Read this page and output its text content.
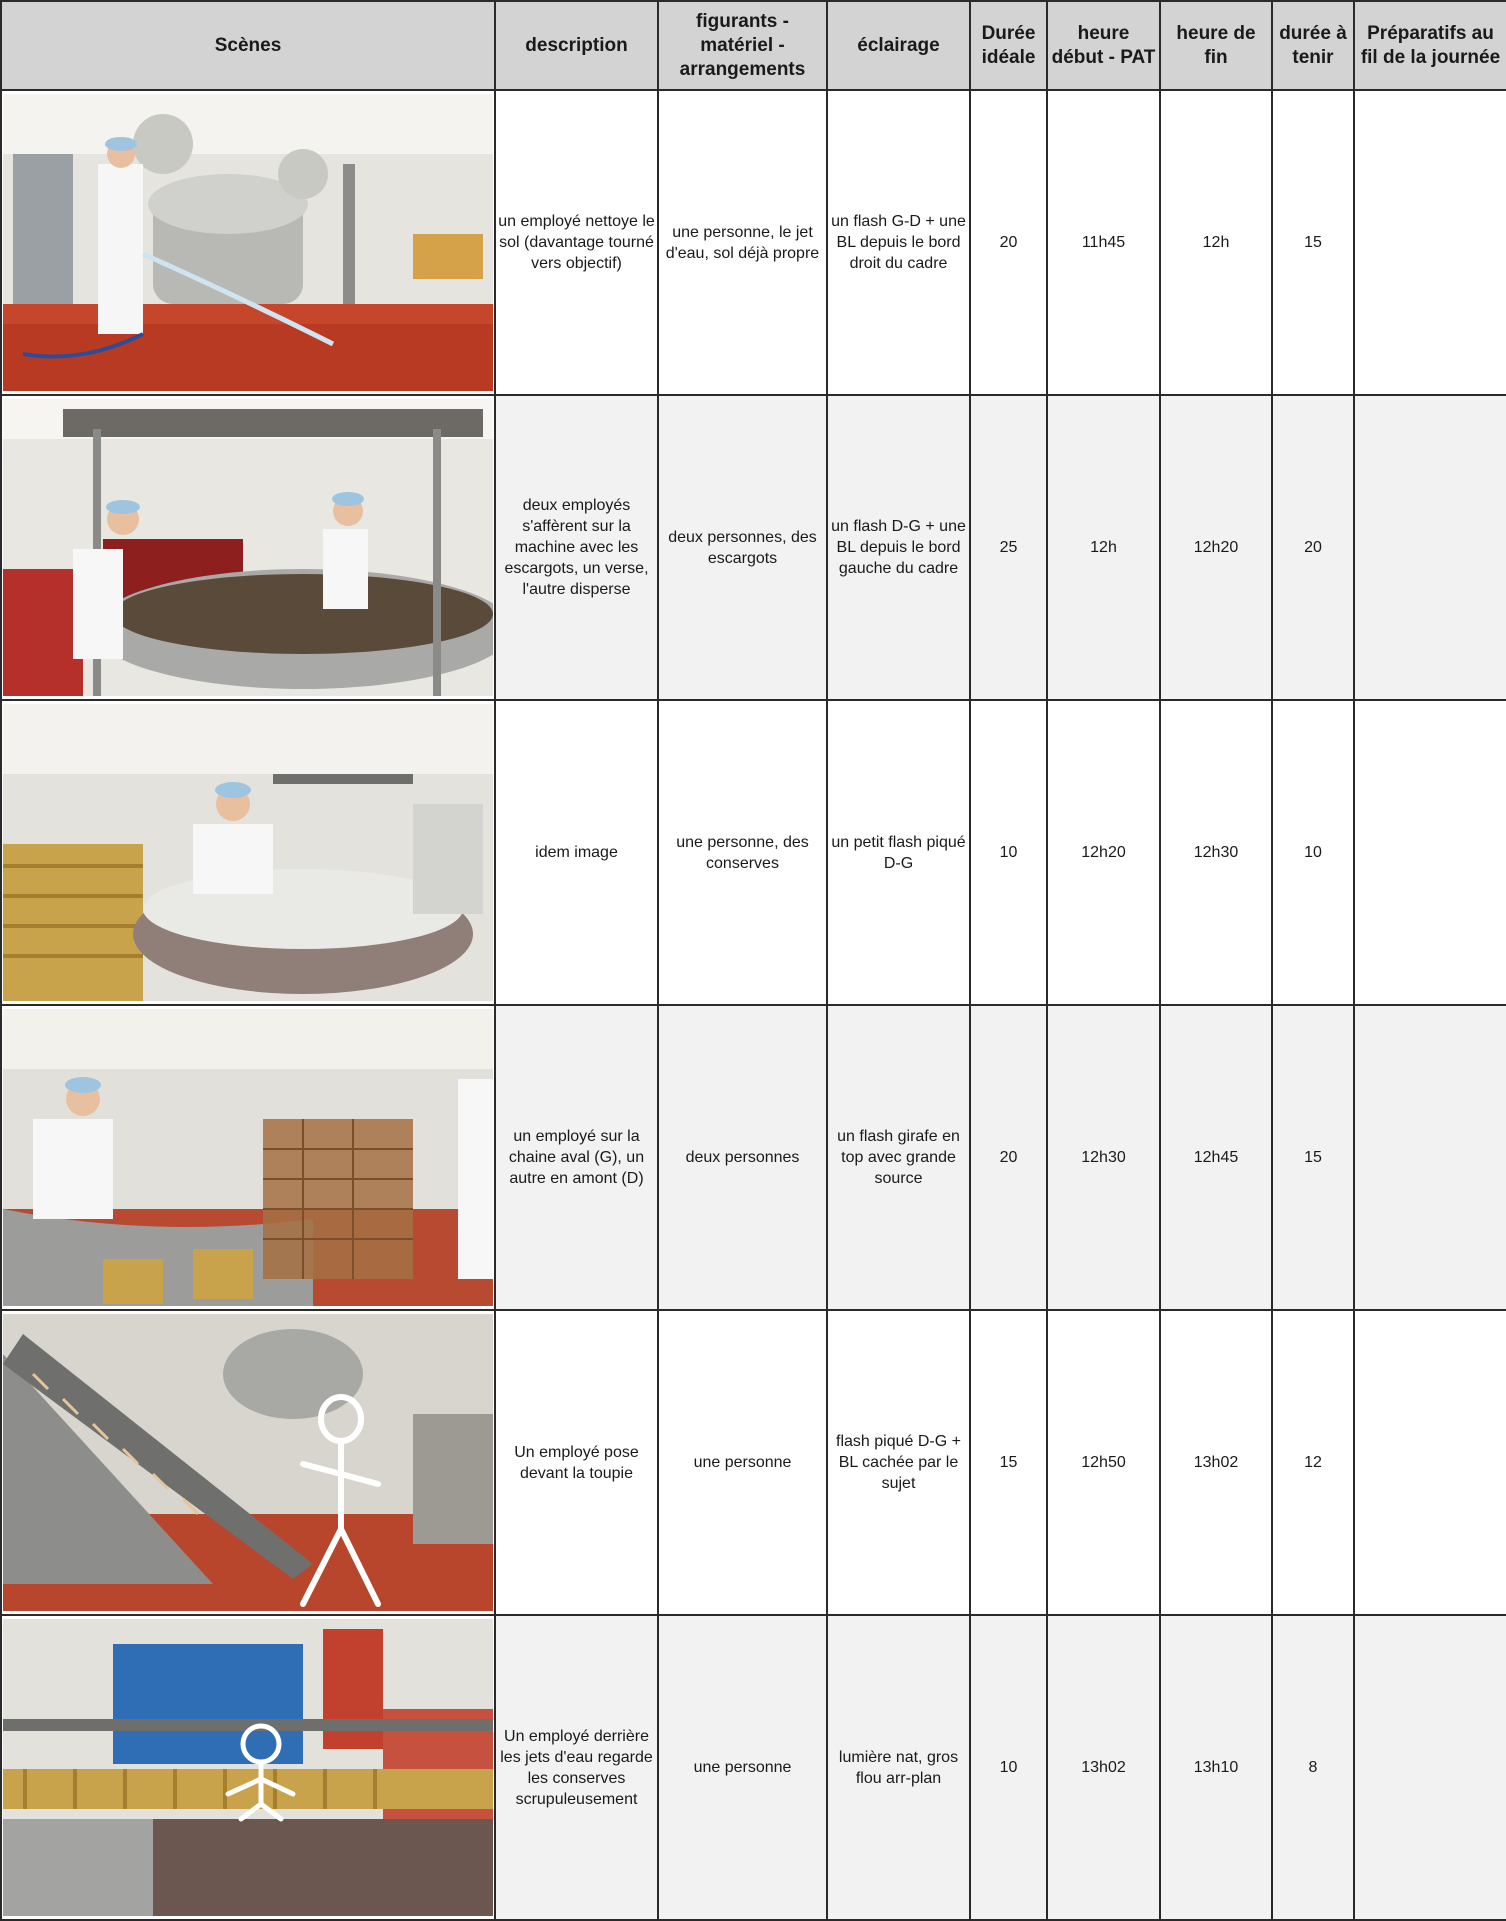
Scènes	description	figurants - matériel - arrangements	éclairage	Durée idéale	heure début - PAT	heure de fin	durée à tenir	Préparatifs au fil de la journée

	un employé nettoye le sol (davantage tourné vers objectif)	une personne, le jet d'eau, sol déjà propre	un flash G-D + une BL depuis le bord droit du cadre	20	11h45	12h	15	

	deux employés s'affèrent sur la machine avec les escargots, un verse, l'autre disperse	deux personnes, des escargots	un flash D-G + une BL depuis le bord gauche du cadre	25	12h	12h20	20	

	idem image	une personne, des conserves	un petit flash piqué D-G	10	12h20	12h30	10	

	un employé sur la chaine aval (G), un autre en amont (D)	deux personnes	un flash girafe en top avec grande source	20	12h30	12h45	15	

	Un employé pose devant la toupie	une personne	flash piqué D-G + BL cachée par le sujet	15	12h50	13h02	12	

	Un employé derrière les jets d'eau regarde les conserves scrupuleusement	une personne	lumière nat, gros flou arr-plan	10	13h02	13h10	8	
